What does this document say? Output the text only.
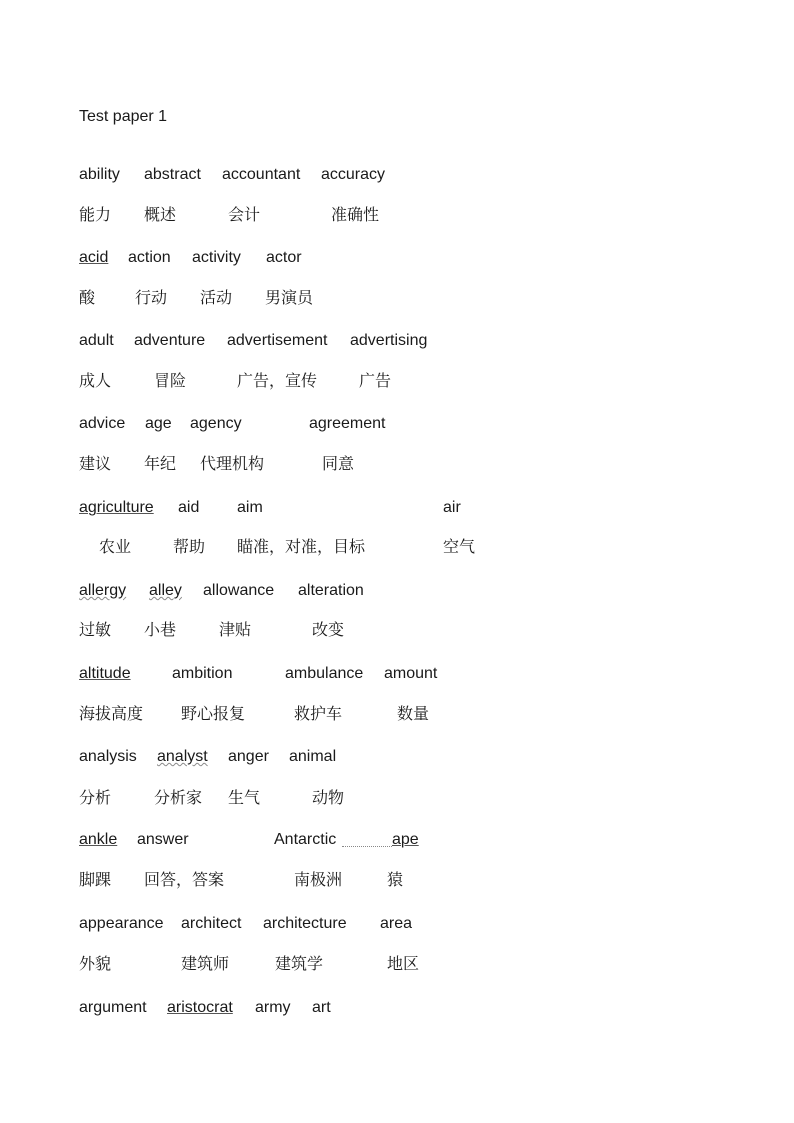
Test paper 1
ability abstract accountant accuracy
能力 概述	会计	准确性
acid action activity actor
酸 行动 活动 男演员
adult adventure advertisement advertising
成人	冒险	广告，宣传	广告
advice age agency	agreement
建议 年纪 代理机构	同意
agriculture	aid aim	air
农业	帮助 瞄准，对准，目标	空气
allergy alley allowance alteration
过敏 小巷	津贴	改变
altitude	ambition	ambulance amount
海拔高度 野心报复	救护车	数量
analysis analyst anger animal
分析	分析家 生气	动物
ankle answer	Antarctic	ape
脚踝 回答，答案	南极洲	猿
appearance architect architecture area
外貌	建筑师	建筑学	地区
argument aristocrat army art
